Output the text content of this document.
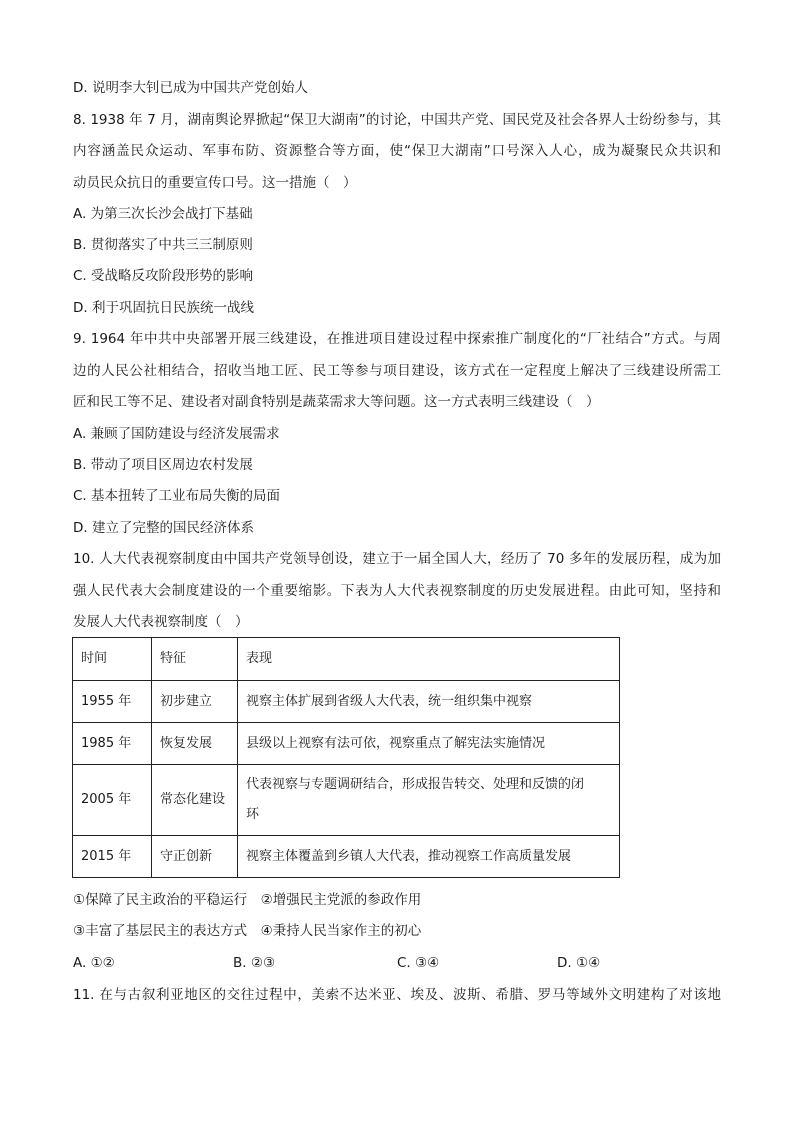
D. 说明李大钊已成为中国共产党创始人
8. 1938 年 7 月，湖南舆论界掀起“保卫大湖南”的讨论，中国共产党、国民党及社会各界人士纷纷参与，其
内容涵盖民众运动、军事布防、资源整合等方面，使“保卫大湖南”口号深入人心，成为凝聚民众共识和
动员民众抗日的重要宣传口号。这一措施（　）
A. 为第三次长沙会战打下基础
B. 贯彻落实了中共三三制原则
C. 受战略反攻阶段形势的影响
D. 利于巩固抗日民族统一战线
9. 1964 年中共中央部署开展三线建设，在推进项目建设过程中探索推广制度化的“厂社结合”方式。与周
边的人民公社相结合，招收当地工匠、民工等参与项目建设，该方式在一定程度上解决了三线建设所需工
匠和民工等不足、建设者对副食特别是蔬菜需求大等问题。这一方式表明三线建设（　）
A. 兼顾了国防建设与经济发展需求
B. 带动了项目区周边农村发展
C. 基本扭转了工业布局失衡的局面
D. 建立了完整的国民经济体系
10. 人大代表视察制度由中国共产党领导创设，建立于一届全国人大，经历了 70 多年的发展历程，成为加
强人民代表大会制度建设的一个重要缩影。下表为人大代表视察制度的历史发展进程。由此可知，坚持和
发展人大代表视察制度（　）
时间	特征	表现
1955 年	初步建立	视察主体扩展到省级人大代表，统一组织集中视察
1985 年	恢复发展	县级以上视察有法可依，视察重点了解宪法实施情况
2005 年	常态化建设	代表视察与专题调研结合，形成报告转交、处理和反馈的闭
环

2015 年	守正创新	视察主体覆盖到乡镇人大代表，推动视察工作高质量发展
①保障了民主政治的平稳运行　②增强民主党派的参政作用
③丰富了基层民主的表达方式　④秉持人民当家作主的初心
A. ①②	B. ②③	C. ③④	D. ①④
11. 在与古叙利亚地区的交往过程中，美索不达米亚、埃及、波斯、希腊、罗马等域外文明建构了对该地
